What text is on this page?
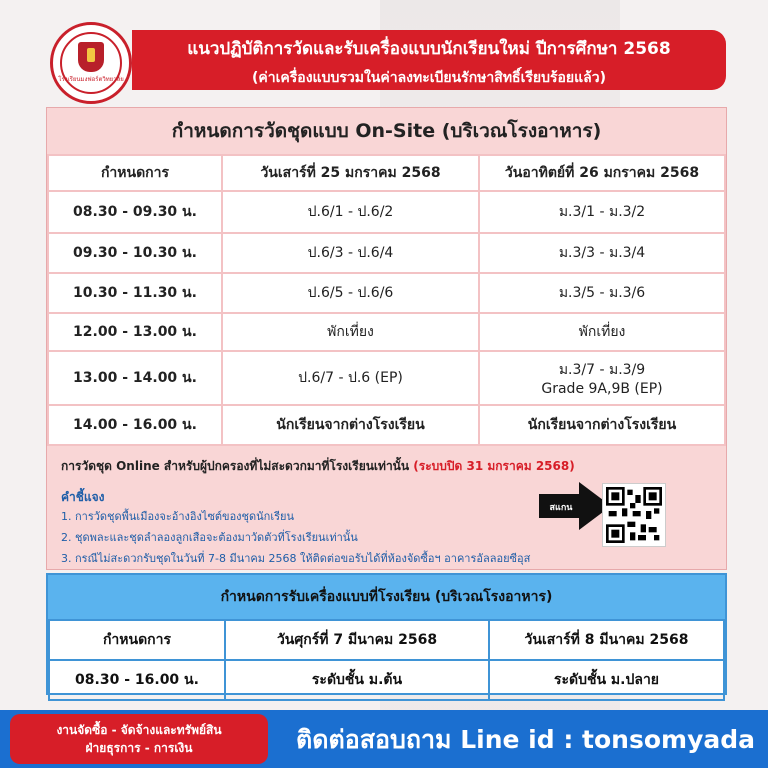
โรงเรียนมงฟอร์ตวิทยาลัย
แนวปฏิบัติการวัดและรับเครื่องแบบนักเรียนใหม่ ปีการศึกษา 2568
(ค่าเครื่องแบบรวมในค่าลงทะเบียนรักษาสิทธิ์เรียบร้อยแล้ว)
กำหนดการวัดชุดแบบ On-Site (บริเวณโรงอาหาร)
กำหนดการ	วันเสาร์ที่ 25 มกราคม 2568	วันอาทิตย์ที่ 26 มกราคม 2568
08.30 - 09.30 น.	ป.6/1 - ป.6/2	ม.3/1 - ม.3/2
09.30 - 10.30 น.	ป.6/3 - ป.6/4	ม.3/3 - ม.3/4
10.30 - 11.30 น.	ป.6/5 - ป.6/6	ม.3/5 - ม.3/6
12.00 - 13.00 น.	พักเที่ยง	พักเที่ยง
13.00 - 14.00 น.	ป.6/7 - ป.6 (EP)	ม.3/7 - ม.3/9
Grade 9A,9B (EP)

14.00 - 16.00 น.	นักเรียนจากต่างโรงเรียน	นักเรียนจากต่างโรงเรียน
การวัดชุด Online สำหรับผู้ปกครองที่ไม่สะดวกมาที่โรงเรียนเท่านั้น (ระบบปิด 31 มกราคม 2568)
คำชี้แจง
1. การวัดชุดพื้นเมืองจะอ้างอิงไซต์ของชุดนักเรียน
2. ชุดพละและชุดลำลองลูกเสือจะต้องมาวัดตัวที่โรงเรียนเท่านั้น
3. กรณีไม่สะดวกรับชุดในวันที่ 7-8 มีนาคม 2568 ให้ติดต่อขอรับได้ที่ห้องจัดซื้อฯ อาคารอัลลอยซีอุส
สแกน
กำหนดการรับเครื่องแบบที่โรงเรียน (บริเวณโรงอาหาร)
กำหนดการ	วันศุกร์ที่ 7 มีนาคม 2568	วันเสาร์ที่ 8 มีนาคม 2568
08.30 - 16.00 น.	ระดับชั้น ม.ต้น	ระดับชั้น ม.ปลาย
งานจัดซื้อ - จัดจ้างและทรัพย์สิน
ฝ่ายธุรการ - การเงิน	ติดต่อสอบถาม Line id : tonsomyada
